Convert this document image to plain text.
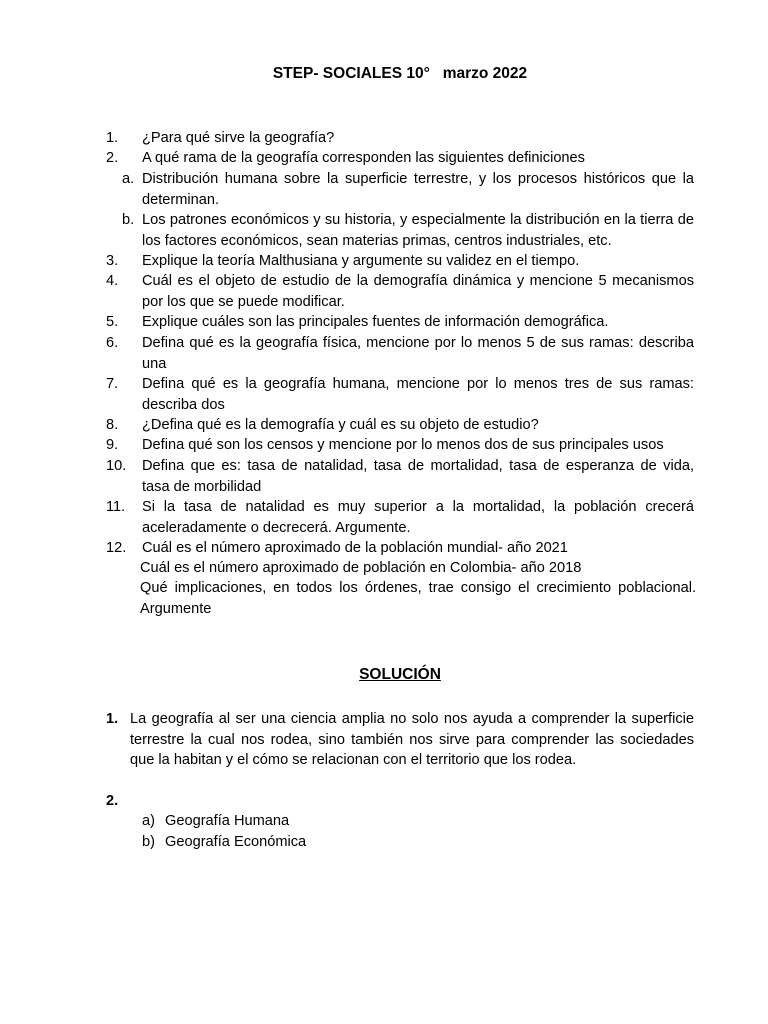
STEP- SOCIALES 10°   marzo 2022
1. ¿Para qué sirve la geografía?
2. A qué rama de la geografía corresponden las siguientes definiciones
a. Distribución humana sobre la superficie terrestre, y los procesos históricos que la determinan.
b. Los patrones económicos y su historia, y especialmente la distribución en la tierra de los factores económicos, sean materias primas, centros industriales, etc.
3. Explique la teoría Malthusiana y argumente su validez en el tiempo.
4. Cuál es el objeto de estudio de la demografía dinámica y mencione 5 mecanismos por los que se puede modificar.
5. Explique cuáles son las principales fuentes de información demográfica.
6. Defina qué es la geografía física, mencione por lo menos 5 de sus ramas: describa una
7. Defina qué es la geografía humana, mencione por lo menos tres de sus ramas: describa dos
8. ¿Defina qué es la demografía y cuál es su objeto de estudio?
9. Defina qué son los censos y mencione por lo menos dos de sus principales usos
10. Defina que es: tasa de natalidad, tasa de mortalidad, tasa de esperanza de vida, tasa de morbilidad
11. Si la tasa de natalidad es muy superior a la mortalidad, la población crecerá aceleradamente o decrecerá. Argumente.
12. Cuál es el número aproximado de la población mundial- año 2021
Cuál es el número aproximado de población en Colombia- año 2018
Qué implicaciones, en todos los órdenes, trae consigo el crecimiento poblacional. Argumente
SOLUCIÓN
1. La geografía al ser una ciencia amplia no solo nos ayuda a comprender la superficie terrestre la cual nos rodea, sino también nos sirve para comprender las sociedades que la habitan y el cómo se relacionan con el territorio que los rodea.
2.
a) Geografía Humana
b) Geografía Económica
